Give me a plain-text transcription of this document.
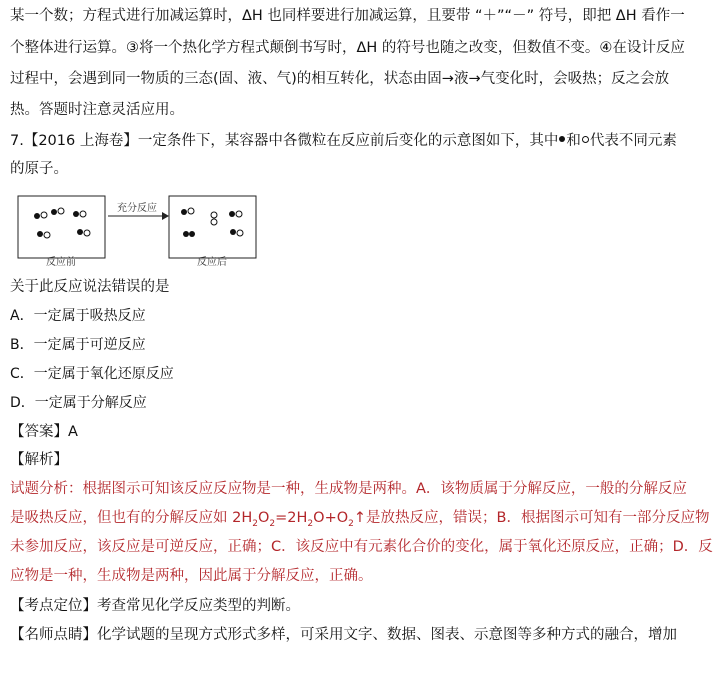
某一个数；方程式进行加减运算时，ΔH 也同样要进行加减运算，且要带 “＋”“－” 符号，即把 ΔH 看作一
个整体进行运算。③将一个热化学方程式颠倒书写时，ΔH 的符号也随之改变，但数值不变。④在设计反应
过程中，会遇到同一物质的三态(固、液、气)的相互转化，状态由固→液→气变化时，会吸热；反之会放
热。答题时注意灵活应用。
7.【2016 上海卷】一定条件下，某容器中各微粒在反应前后变化的示意图如下，其中 和 代表不同元素
的原子。
反应前
充分反应
反应后
关于此反应说法错误的是
A．一定属于吸热反应
B．一定属于可逆反应
C．一定属于氧化还原反应
D．一定属于分解反应
【答案】A
【解析】
试题分析：根据图示可知该反应反应物是一种，生成物是两种。A．该物质属于分解反应，一般的分解反应
是吸热反应，但也有的分解反应如 $2H_2O_2=2H_2O+O_2↑$是放热反应，错误；B．根据图示可知有一部分反应物
未参加反应，该反应是可逆反应，正确；C．该反应中有元素化合价的变化，属于氧化还原反应，正确；D．反
应物是一种，生成物是两种，因此属于分解反应，正确。
【考点定位】考查常见化学反应类型的判断。
【名师点睛】化学试题的呈现方式形式多样，可采用文字、数据、图表、示意图等多种方式的融合，增加
